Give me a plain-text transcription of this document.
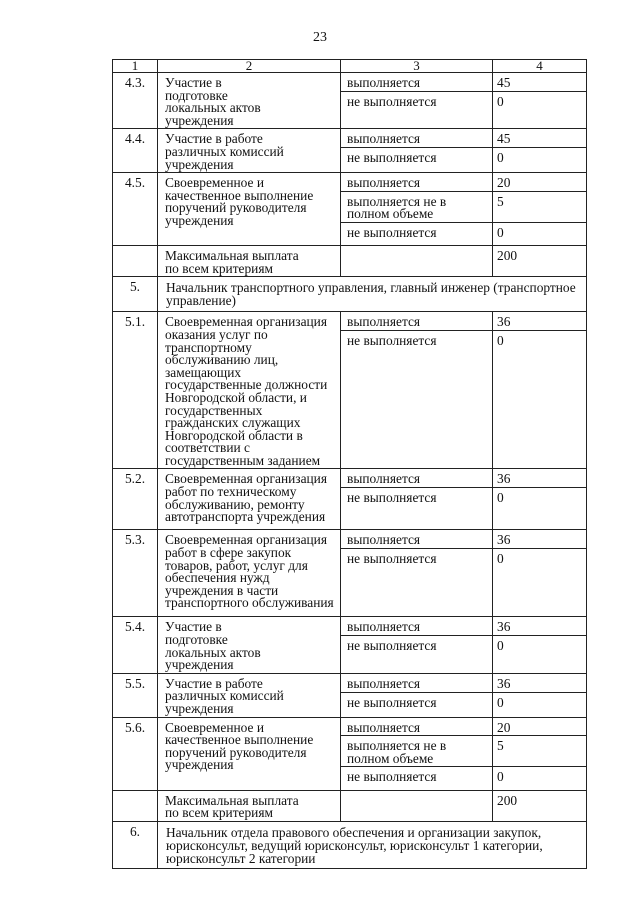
23
1	2	3	4

4.3.	Участие в подготовке локальных актов учреждения	выполняется	45

		не выполняется	0

4.4.	Участие в работе различных комиссий учреждения	выполняется	45

		не выполняется	0

4.5.	Своевременное и качественное выполнение поручений руководителя учреждения	выполняется	20

		выполняется не в полном объеме	5

		не выполняется	0

	Максимальная выплата по всем критериям		200

5.	Начальник транспортного управления, главный инженер (транспортное управление)		

5.1.	Своевременная организация оказания услуг по транспортному обслуживанию лиц, замещающих государственные должности Новгородской области, и государственных гражданских служащих Новгородской области в соответствии с государственным заданием	выполняется	36

		не выполняется	0

5.2.	Своевременная организация работ по техническому обслуживанию, ремонту автотранспорта учреждения	выполняется	36

		не выполняется	0

5.3.	Своевременная организация работ в сфере закупок товаров, работ, услуг для обеспечения нужд учреждения в части транспортного обслуживания	выполняется	36

		не выполняется	0

5.4.	Участие в подготовке локальных актов учреждения	выполняется	36

		не выполняется	0

5.5.	Участие в работе различных комиссий учреждения	выполняется	36

		не выполняется	0

5.6.	Своевременное и качественное выполнение поручений руководителя учреждения	выполняется	20

		выполняется не в полном объеме	5

		не выполняется	0

	Максимальная выплата по всем критериям		200

6.	Начальник отдела правового обеспечения и организации закупок, юрисконсульт, ведущий юрисконсульт, юрисконсульт 1 категории, юрисконсульт 2 категории		
